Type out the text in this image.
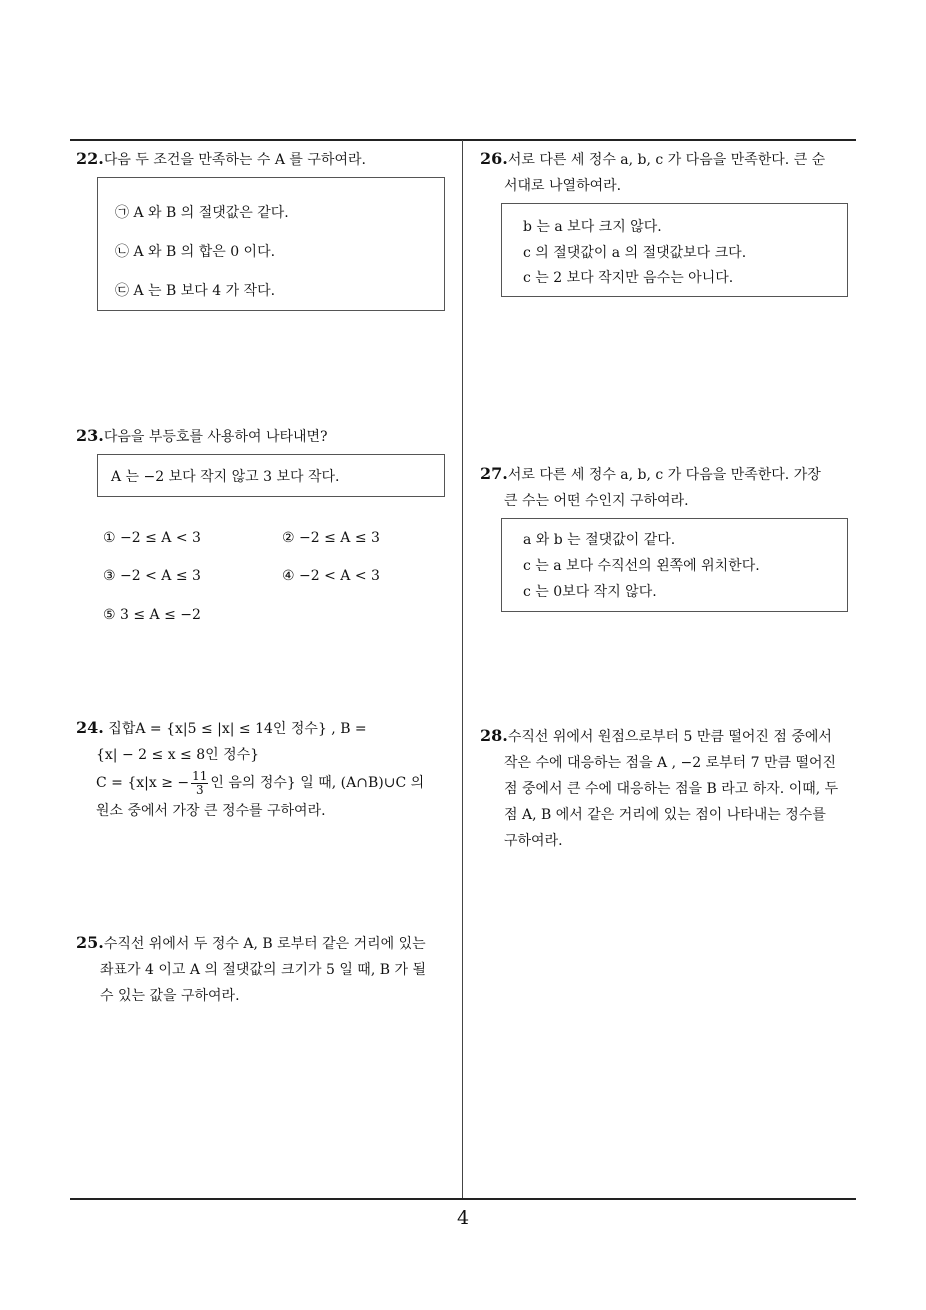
22.다음 두 조건을 만족하는 수 A 를 구하여라.
㉠ A 와 B 의 절댓값은 같다.
㉡ A 와 B 의 합은 0 이다.
㉢ A 는 B 보다 4 가 작다.
23.다음을 부등호를 사용하여 나타내면?
A 는 −2 보다 작지 않고 3 보다 작다.
① −2 ≤ A < 3	② −2 ≤ A ≤ 3
③ −2 < A ≤ 3	④ −2 < A < 3
⑤ 3 ≤ A ≤ −2
24. 집합A = {x|5 ≤ |x| ≤ 14인 정수} , B =
{x| − 2 ≤ x ≤ 8인 정수}
C = {x|x ≥ − $\frac{11}{3}$ 인 음의 정수} 일 때, (A∩B)∪C 의
원소 중에서 가장 큰 정수를 구하여라.
25.수직선 위에서 두 정수 A, B 로부터 같은 거리에 있는
좌표가 4 이고 A 의 절댓값의 크기가 5 일 때, B 가 될
수 있는 값을 구하여라.
26.서로 다른 세 정수 a, b, c 가 다음을 만족한다. 큰 순
서대로 나열하여라.
b 는 a 보다 크지 않다.
c 의 절댓값이 a 의 절댓값보다 크다.
c 는 2 보다 작지만 음수는 아니다.
27.서로 다른 세 정수 a, b, c 가 다음을 만족한다. 가장
큰 수는 어떤 수인지 구하여라.
a 와 b 는 절댓값이 같다.
c 는 a 보다 수직선의 왼쪽에 위치한다.
c 는 0보다 작지 않다.
28.수직선 위에서 원점으로부터 5 만큼 떨어진 점 중에서
작은 수에 대응하는 점을 A , −2 로부터 7 만큼 떨어진
점 중에서 큰 수에 대응하는 점을 B 라고 하자. 이때, 두
점 A, B 에서 같은 거리에 있는 점이 나타내는 정수를
구하여라.
4
